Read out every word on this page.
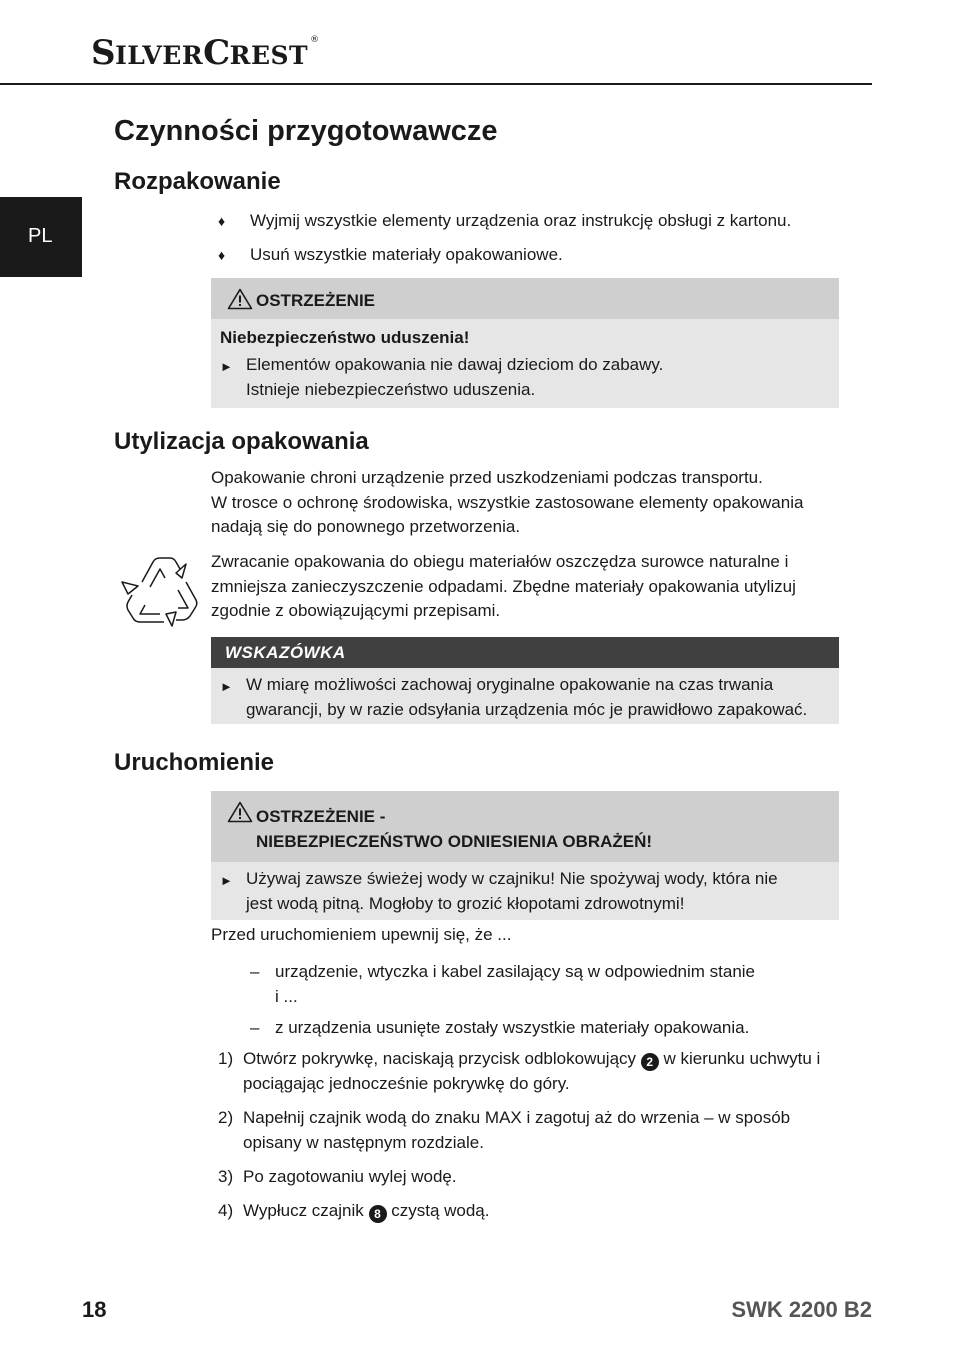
SILVERCREST®
PL
Czynności przygotowawcze
Rozpakowanie
♦	Wyjmij wszystkie elementy urządzenia oraz instrukcję obsługi z kartonu.
♦	Usuń wszystkie materiały opakowaniowe.
OSTRZEŻENIE
Niebezpieczeństwo uduszenia!
► Elementów opakowania nie dawaj dzieciom do zabawy.
Istnieje niebezpieczeństwo uduszenia.
Utylizacja opakowania
Opakowanie chroni urządzenie przed uszkodzeniami podczas transportu.
W trosce o ochronę środowiska, wszystkie zastosowane elementy opakowania
nadają się do ponownego przetworzenia.
Zwracanie opakowania do obiegu materiałów oszczędza surowce naturalne i
zmniejsza zanieczyszczenie odpadami. Zbędne materiały opakowania utylizuj
zgodnie z obowiązującymi przepisami.
WSKAZÓWKA
► W miarę możliwości zachowaj oryginalne opakowanie na czas trwania
gwarancji, by w razie odsyłania urządzenia móc je prawidłowo zapakować.
Uruchomienie
OSTRZEŻENIE -
NIEBEZPIECZEŃSTWO ODNIESIENIA OBRAŻEŃ!
► Używaj zawsze świeżej wody w czajniku! Nie spożywaj wody, która nie
jest wodą pitną. Mogłoby to grozić kłopotami zdrowotnymi!
Przed uruchomieniem upewnij się, że ...
– urządzenie, wtyczka i kabel zasilający są w odpowiednim stanie
i ...
– z urządzenia usunięte zostały wszystkie materiały opakowania.
1) Otwórz pokrywkę, naciskają przycisk odblokowujący 2 w kierunku uchwytu i
pociągając jednocześnie pokrywkę do góry.
2) Napełnij czajnik wodą do znaku MAX i zagotuj aż do wrzenia – w sposób
opisany w następnym rozdziale.
3) Po zagotowaniu wylej wodę.
4) Wypłucz czajnik 8 czystą wodą.
18	SWK 2200 B2
